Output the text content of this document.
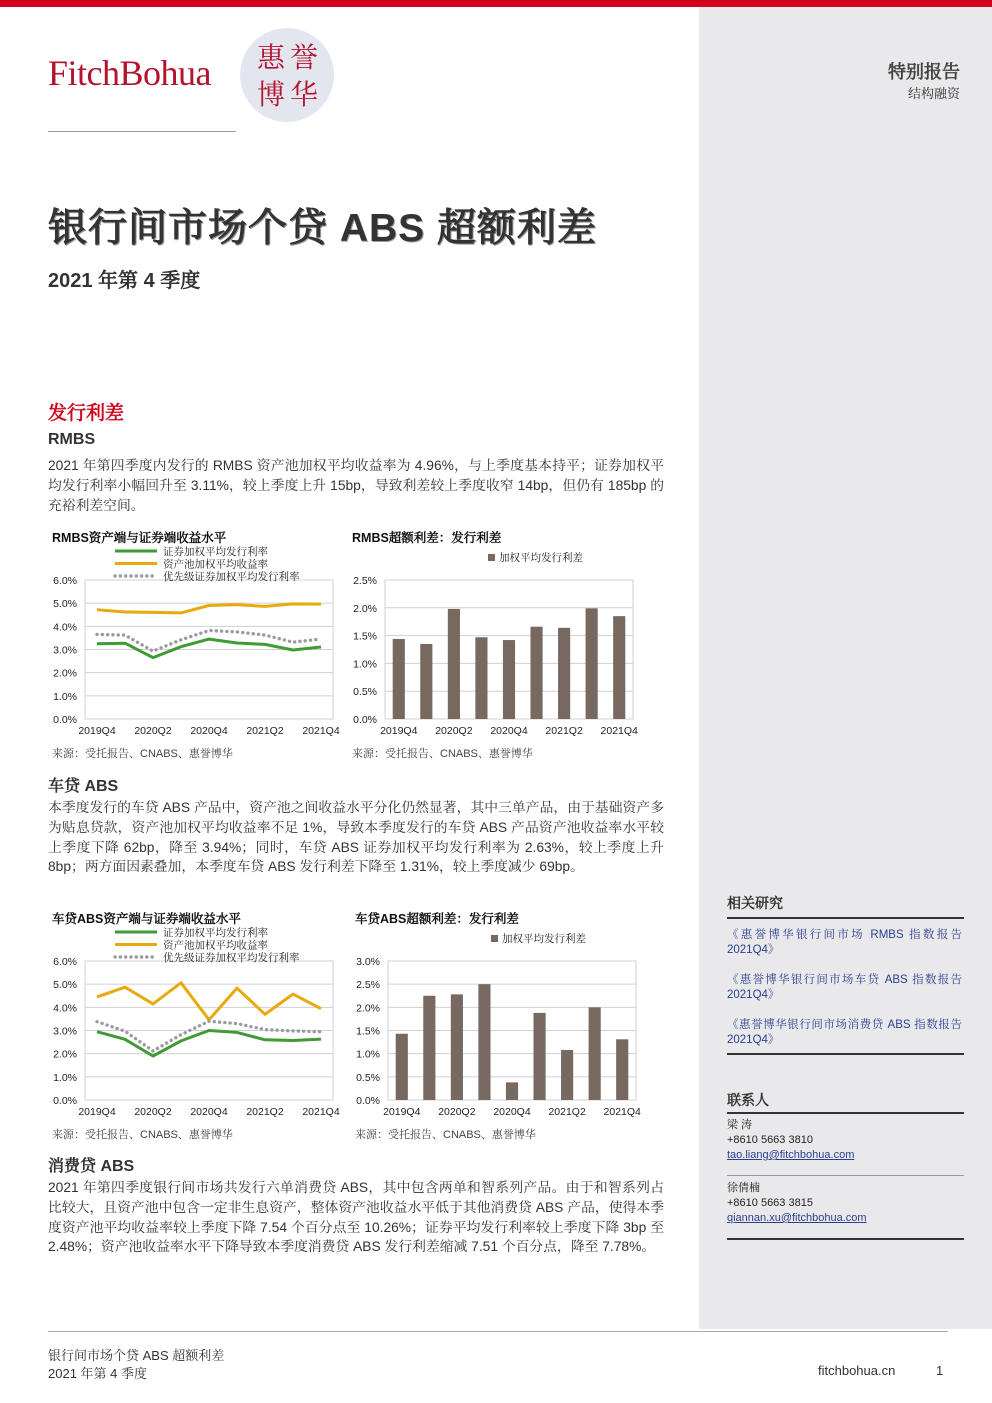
FitchBohua 惠 誉
博 华
特别报告
结构融资
银行间市场个贷 ABS 超额利差
2021 年第 4 季度
发行利差
RMBS
2021 年第四季度内发行的 RMBS 资产池加权平均收益率为 4.96%，与上季度基本持平；证券加权平均发行利率小幅回升至 3.11%，较上季度上升 15bp，导致利差较上季度收窄 14bp，但仍有 185bp 的充裕利差空间。
RMBS资产端与证券端收益水平
0.0%
1.0%
2.0%
3.0%
4.0%
5.0%
6.0%
证券加权平均发行利率
资产池加权平均收益率
优先级证券加权平均发行利率
2019Q4 2020Q2 2020Q4 2021Q2 2021Q4
来源：受托报告、CNABS、惠誉博华
RMBS超额利差：发行利差
0.0%
0.5%
1.0%
1.5%
2.0%
2.5%
加权平均发行利差
2019Q4 2020Q2 2020Q4 2021Q2 2021Q4
来源：受托报告、CNABS、惠誉博华
车贷 ABS
本季度发行的车贷 ABS 产品中，资产池之间收益水平分化仍然显著，其中三单产品，由于基础资产多为贴息贷款，资产池加权平均收益率不足 1%，导致本季度发行的车贷 ABS 产品资产池收益率水平较上季度下降 62bp，降至 3.94%；同时，车贷 ABS 证券加权平均发行利率为 2.63%，较上季度上升 8bp；两方面因素叠加，本季度车贷 ABS 发行利差下降至 1.31%，较上季度减少 69bp。
车贷ABS资产端与证券端收益水平
0.0%
1.0%
2.0%
3.0%
4.0%
5.0%
6.0%
证券加权平均发行利率
资产池加权平均收益率
优先级证券加权平均发行利率
2019Q4 2020Q2 2020Q4 2021Q2 2021Q4
来源：受托报告、CNABS、惠誉博华
车贷ABS超额利差：发行利差
0.0%
0.5%
1.0%
1.5%
2.0%
2.5%
3.0%
加权平均发行利差
2019Q4 2020Q2 2020Q4 2021Q2 2021Q4
来源：受托报告、CNABS、惠誉博华
消费贷 ABS
2021 年第四季度银行间市场共发行六单消费贷 ABS，其中包含两单和智系列产品。由于和智系列占比较大，且资产池中包含一定非生息资产，整体资产池收益水平低于其他消费贷 ABS 产品，使得本季度资产池平均收益率较上季度下降 7.54 个百分点至 10.26%；证券平均发行利率较上季度下降 3bp 至 2.48%；资产池收益率水平下降导致本季度消费贷 ABS 发行利差缩减 7.51 个百分点，降至 7.78%。
相关研究
《惠誉博华银行间市场 RMBS 指数报告 2021Q4》
《惠誉博华银行间市场车贷 ABS 指数报告 2021Q4》
《惠誉博华银行间市场消费贷 ABS 指数报告 2021Q4》
联系人
梁 涛
+8610 5663 3810
tao.liang@fitchbohua.com
徐倩楠
+8610 5663 3815
qiannan.xu@fitchbohua.com
银行间市场个贷 ABS 超额利差
2021 年第 4 季度	fitchbohua.cn	1
